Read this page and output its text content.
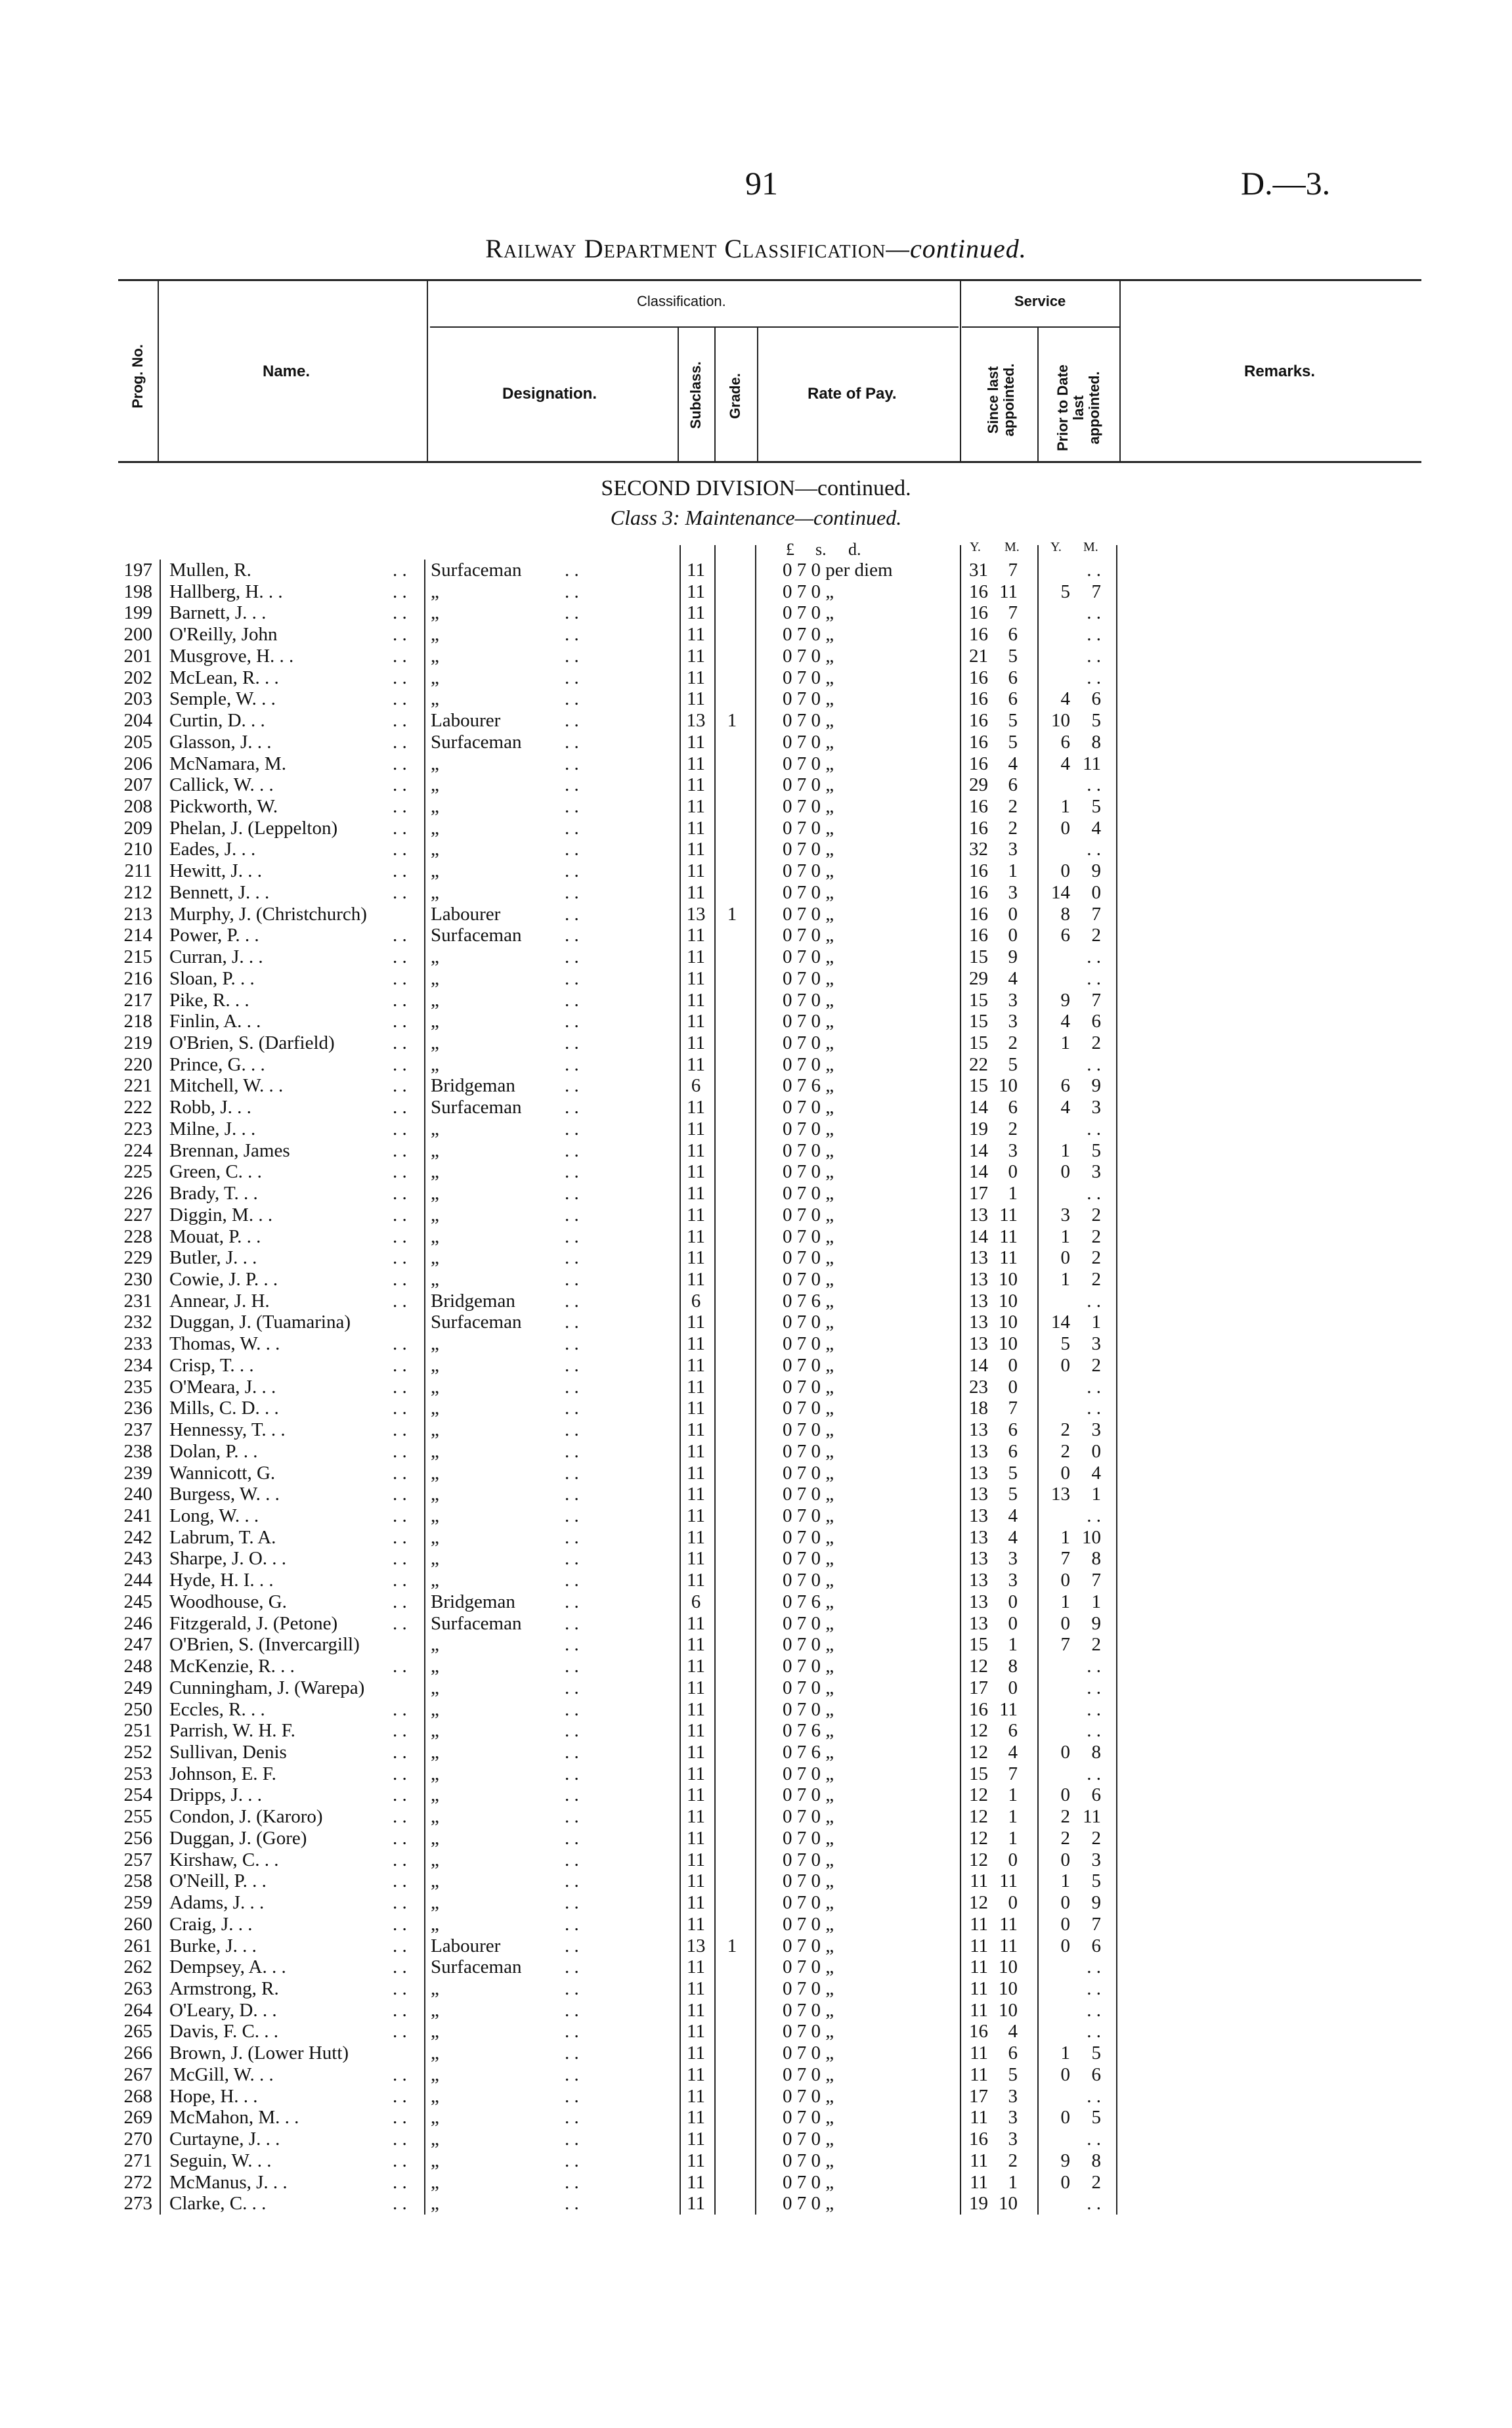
91	D.—3.
Railway Department Classification—continued.
Prog. No.	Name.
Classification.
Designation.	Subclass. Grade.	Rate of Pay.
Service
Since last appointed.	Prior to Date last appointed.	Remarks.
SECOND DIVISION—continued.
Class 3: Maintenance—continued.
£ s. d.	Y. M. Y. M.
197 Mullen, R.	. . Surfaceman . .	11	0 7 0 per diem	31	7	. .
198 Hallberg, H. . .	. . „	. .	11	0 7 0 „	16 11	5	7
199 Barnett, J. . .	. . „	. .	11	0 7 0 „	16	7	. .
200 O'Reilly, John	. . „	. .	11	0 7 0 „	16	6	. .
201 Musgrove, H. . .	. . „	. .	11	0 7 0 „	21	5	. .
202 McLean, R. . .	. . „	. .	11	0 7 0 „	16	6	. .
203 Semple, W. . .	. . „	. .	11	0 7 0 „	16	6	4	6
204 Curtin, D. . .	. . Labourer	. .	13	1	0 7 0 „	16	5	10	5
205 Glasson, J. . .	. . Surfaceman . .	11	0 7 0 „	16	5	6	8
206 McNamara, M.	. . „	. .	11	0 7 0 „	16	4	4 11
207 Callick, W. . .	. . „	. .	11	0 7 0 „	29	6	. .
208 Pickworth, W.	. . „	. .	11	0 7 0 „	16	2	1	5
209 Phelan, J. (Leppelton)	. . „	. .	11	0 7 0 „	16	2	0	4
210 Eades, J. . .	. . „	. .	11	0 7 0 „	32	3	. .
211 Hewitt, J. . .	. . „	. .	11	0 7 0 „	16	1	0	9
212 Bennett, J. . .	. . „	. .	11	0 7 0 „	16	3	14	0
213 Murphy, J. (Christchurch)	Labourer	. .	13	1	0 7 0 „	16	0	8	7
214 Power, P. . .	. . Surfaceman . .	11	0 7 0 „	16	0	6	2
215 Curran, J. . .	. . „	. .	11	0 7 0 „	15	9	. .
216 Sloan, P. . .	. . „	. .	11	0 7 0 „	29	4	. .
217 Pike, R. . .	. . „	. .	11	0 7 0 „	15	3	9	7
218 Finlin, A. . .	. . „	. .	11	0 7 0 „	15	3	4	6
219 O'Brien, S. (Darfield)	. . „	. .	11	0 7 0 „	15	2	1	2
220 Prince, G. . .	. . „	. .	11	0 7 0 „	22	5	. .
221 Mitchell, W. . .	. . Bridgeman	. .	6	0 7 6 „	15 10	6	9
222 Robb, J. . .	. . Surfaceman . .	11	0 7 0 „	14	6	4	3
223 Milne, J. . .	. . „	. .	11	0 7 0 „	19	2	. .
224 Brennan, James	. . „	. .	11	0 7 0 „	14	3	1	5
225 Green, C. . .	. . „	. .	11	0 7 0 „	14	0	0	3
226 Brady, T. . .	. . „	. .	11	0 7 0 „	17	1	. .
227 Diggin, M. . .	. . „	. .	11	0 7 0 „	13 11	3	2
228 Mouat, P. . .	. . „	. .	11	0 7 0 „	14 11	1	2
229 Butler, J. . .	. . „	. .	11	0 7 0 „	13 11	0	2
230 Cowie, J. P. . .	. . „	. .	11	0 7 0 „	13 10	1	2
231 Annear, J. H.	. . Bridgeman	. .	6	0 7 6 „	13 10	. .
232 Duggan, J. (Tuamarina)	Surfaceman . .	11	0 7 0 „	13 10	14	1
233 Thomas, W. . .	. . „	. .	11	0 7 0 „	13 10	5	3
234 Crisp, T. . .	. . „	. .	11	0 7 0 „	14	0	0	2
235 O'Meara, J. . .	. . „	. .	11	0 7 0 „	23	0	. .
236 Mills, C. D. . .	. . „	. .	11	0 7 0 „	18	7	. .
237 Hennessy, T. . .	. . „	. .	11	0 7 0 „	13	6	2	3
238 Dolan, P. . .	. . „	. .	11	0 7 0 „	13	6	2	0
239 Wannicott, G.	. . „	. .	11	0 7 0 „	13	5	0	4
240 Burgess, W. . .	. . „	. .	11	0 7 0 „	13	5	13	1
241 Long, W. . .	. . „	. .	11	0 7 0 „	13	4	. .
242 Labrum, T. A.	. . „	. .	11	0 7 0 „	13	4	1 10
243 Sharpe, J. O. . .	. . „	. .	11	0 7 0 „	13	3	7	8
244 Hyde, H. I. . .	. . „	. .	11	0 7 0 „	13	3	0	7
245 Woodhouse, G.	. . Bridgeman	. .	6	0 7 6 „	13	0	1	1
246 Fitzgerald, J. (Petone)	. . Surfaceman . .	11	0 7 0 „	13	0	0	9
247 O'Brien, S. (Invercargill)	„	. .	11	0 7 0 „	15	1	7	2
248 McKenzie, R. . .	. . „	. .	11	0 7 0 „	12	8	. .
249 Cunningham, J. (Warepa)	„	. .	11	0 7 0 „	17	0	. .
250 Eccles, R. . .	. . „	. .	11	0 7 0 „	16 11	. .
251 Parrish, W. H. F.	. . „	. .	11	0 7 6 „	12	6	. .
252 Sullivan, Denis	. . „	. .	11	0 7 6 „	12	4	0	8
253 Johnson, E. F.	. . „	. .	11	0 7 0 „	15	7	. .
254 Dripps, J. . .	. . „	. .	11	0 7 0 „	12	1	0	6
255 Condon, J. (Karoro)	. . „	. .	11	0 7 0 „	12	1	2 11
256 Duggan, J. (Gore)	. . „	. .	11	0 7 0 „	12	1	2	2
257 Kirshaw, C. . .	. . „	. .	11	0 7 0 „	12	0	0	3
258 O'Neill, P. . .	. . „	. .	11	0 7 0 „	11 11	1	5
259 Adams, J. . .	. . „	. .	11	0 7 0 „	12	0	0	9
260 Craig, J. . .	. . „	. .	11	0 7 0 „	11 11	0	7
261 Burke, J. . .	. . Labourer	. .	13	1	0 7 0 „	11 11	0	6
262 Dempsey, A. . .	. . Surfaceman . .	11	0 7 0 „	11 10	. .
263 Armstrong, R.	. . „	. .	11	0 7 0 „	11 10	. .
264 O'Leary, D. . .	. . „	. .	11	0 7 0 „	11 10	. .
265 Davis, F. C. . .	. . „	. .	11	0 7 0 „	16	4	. .
266 Brown, J. (Lower Hutt)	„	. .	11	0 7 0 „	11	6	1	5
267 McGill, W. . .	. . „	. .	11	0 7 0 „	11	5	0	6
268 Hope, H. . .	. . „	. .	11	0 7 0 „	17	3	. .
269 McMahon, M. . .	. . „	. .	11	0 7 0 „	11	3	0	5
270 Curtayne, J. . .	. . „	. .	11	0 7 0 „	16	3	. .
271 Seguin, W. . .	. . „	. .	11	0 7 0 „	11	2	9	8
272 McManus, J. . .	. . „	. .	11	0 7 0 „	11	1	0	2
273 Clarke, C. . .	. . „	. .	11	0 7 0 „	19 10	. .
